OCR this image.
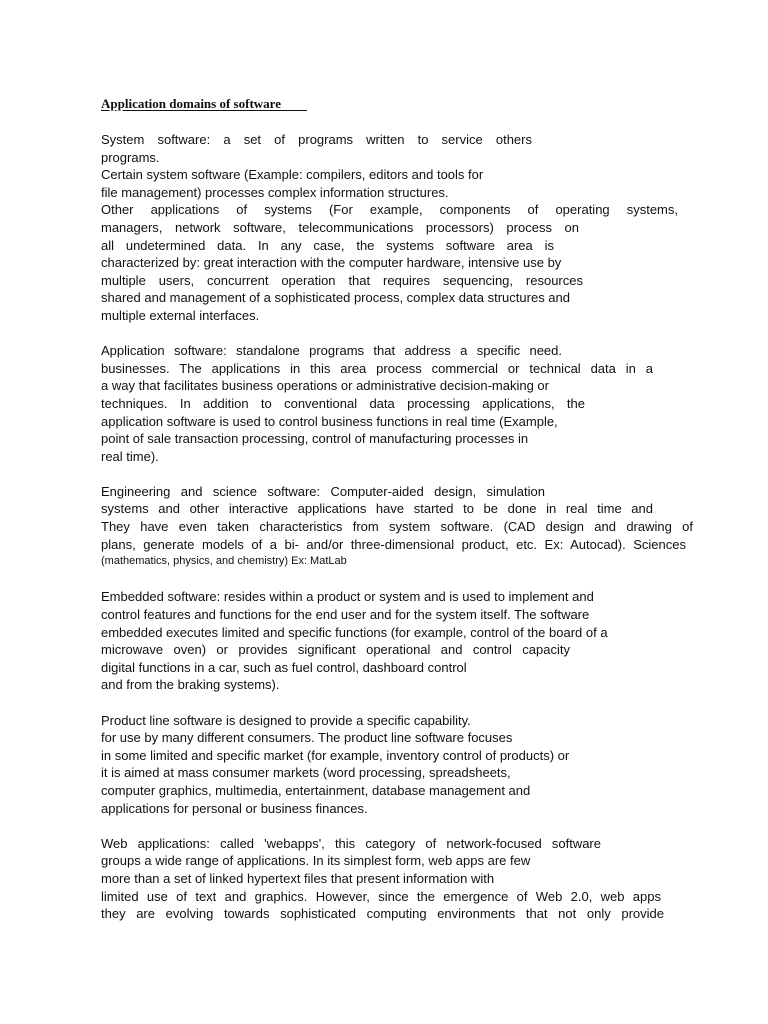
Application domains of software
System software: a set of programs written to service others
programs.
Certain system software (Example: compilers, editors and tools for
file management) processes complex information structures.
Other applications of systems (For example, components of operating systems,
managers, network software, telecommunications processors) process on
all undetermined data. In any case, the systems software area is
characterized by: great interaction with the computer hardware, intensive use by
multiple users, concurrent operation that requires sequencing, resources
shared and management of a sophisticated process, complex data structures and
multiple external interfaces.
Application software: standalone programs that address a specific need.
businesses. The applications in this area process commercial or technical data in a
a way that facilitates business operations or administrative decision-making or
techniques. In addition to conventional data processing applications, the
application software is used to control business functions in real time (Example,
point of sale transaction processing, control of manufacturing processes in
real time).
Engineering and science software: Computer-aided design, simulation
systems and other interactive applications have started to be done in real time and
They have even taken characteristics from system software. (CAD design and drawing of
plans, generate models of a bi- and/or three-dimensional product, etc. Ex: Autocad). Sciences
(mathematics, physics, and chemistry) Ex: MatLab
Embedded software: resides within a product or system and is used to implement and
control features and functions for the end user and for the system itself. The software
embedded executes limited and specific functions (for example, control of the board of a
microwave oven) or provides significant operational and control capacity
digital functions in a car, such as fuel control, dashboard control
and from the braking systems).
Product line software is designed to provide a specific capability.
for use by many different consumers. The product line software focuses
in some limited and specific market (for example, inventory control of products) or
it is aimed at mass consumer markets (word processing, spreadsheets,
computer graphics, multimedia, entertainment, database management and
applications for personal or business finances.
Web applications: called 'webapps', this category of network-focused software
groups a wide range of applications. In its simplest form, web apps are few
more than a set of linked hypertext files that present information with
limited use of text and graphics. However, since the emergence of Web 2.0, web apps
they are evolving towards sophisticated computing environments that not only provide
